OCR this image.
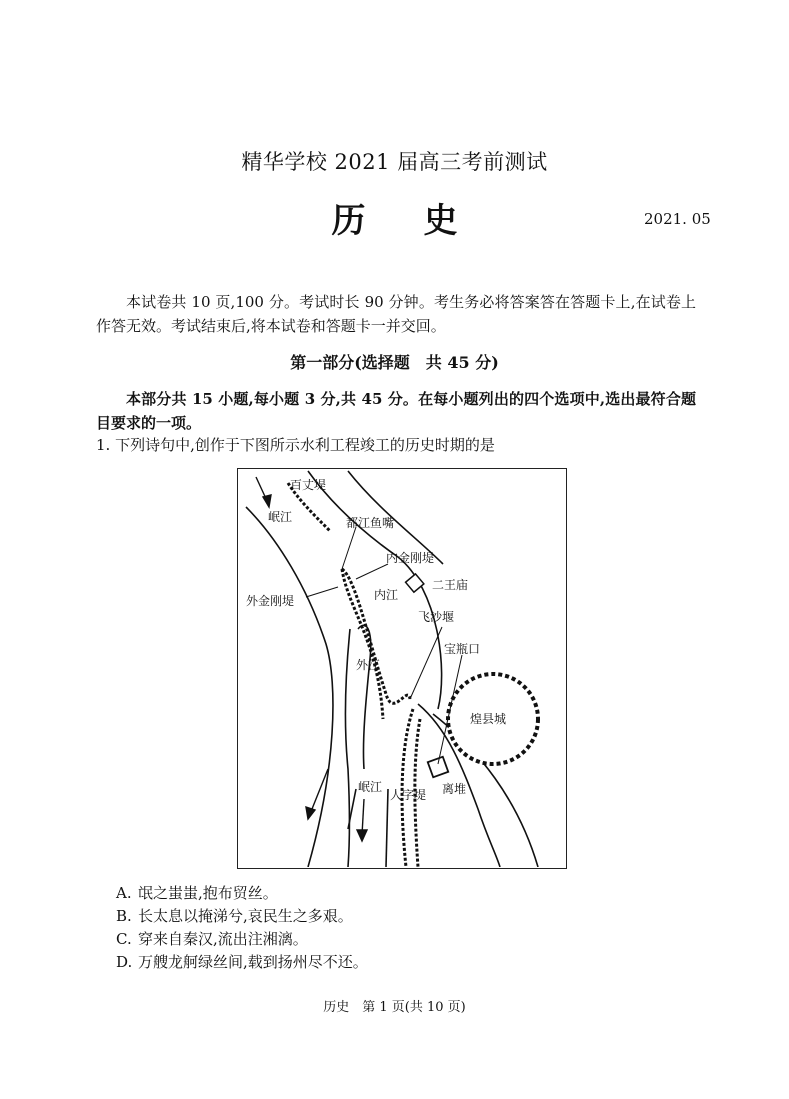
精华学校 2021 届高三考前测试
历史	2021. 05
本试卷共 10 页,100 分。考试时长 90 分钟。考生务必将答案答在答题卡上,在试卷上作答无效。考试结束后,将本试卷和答题卡一并交回。
第一部分(选择题　共 45 分)
本部分共 15 小题,每小题 3 分,共 45 分。在每小题列出的四个选项中,选出最符合题目要求的一项。
1. 下列诗句中,创作于下图所示水利工程竣工的历史时期的是
百丈堤
岷江	都江鱼嘴
内金刚堤
二王庙
外金刚堤	内江
飞沙堰
外江
宝瓶口
煌县城
离堆
岷江
人字堤
A. 氓之蚩蚩,抱布贸丝。
B. 长太息以掩涕兮,哀民生之多艰。
C. 穿来自秦汉,流出注湘漓。
D. 万艘龙舸绿丝间,载到扬州尽不还。
历史　第 1 页(共 10 页)
